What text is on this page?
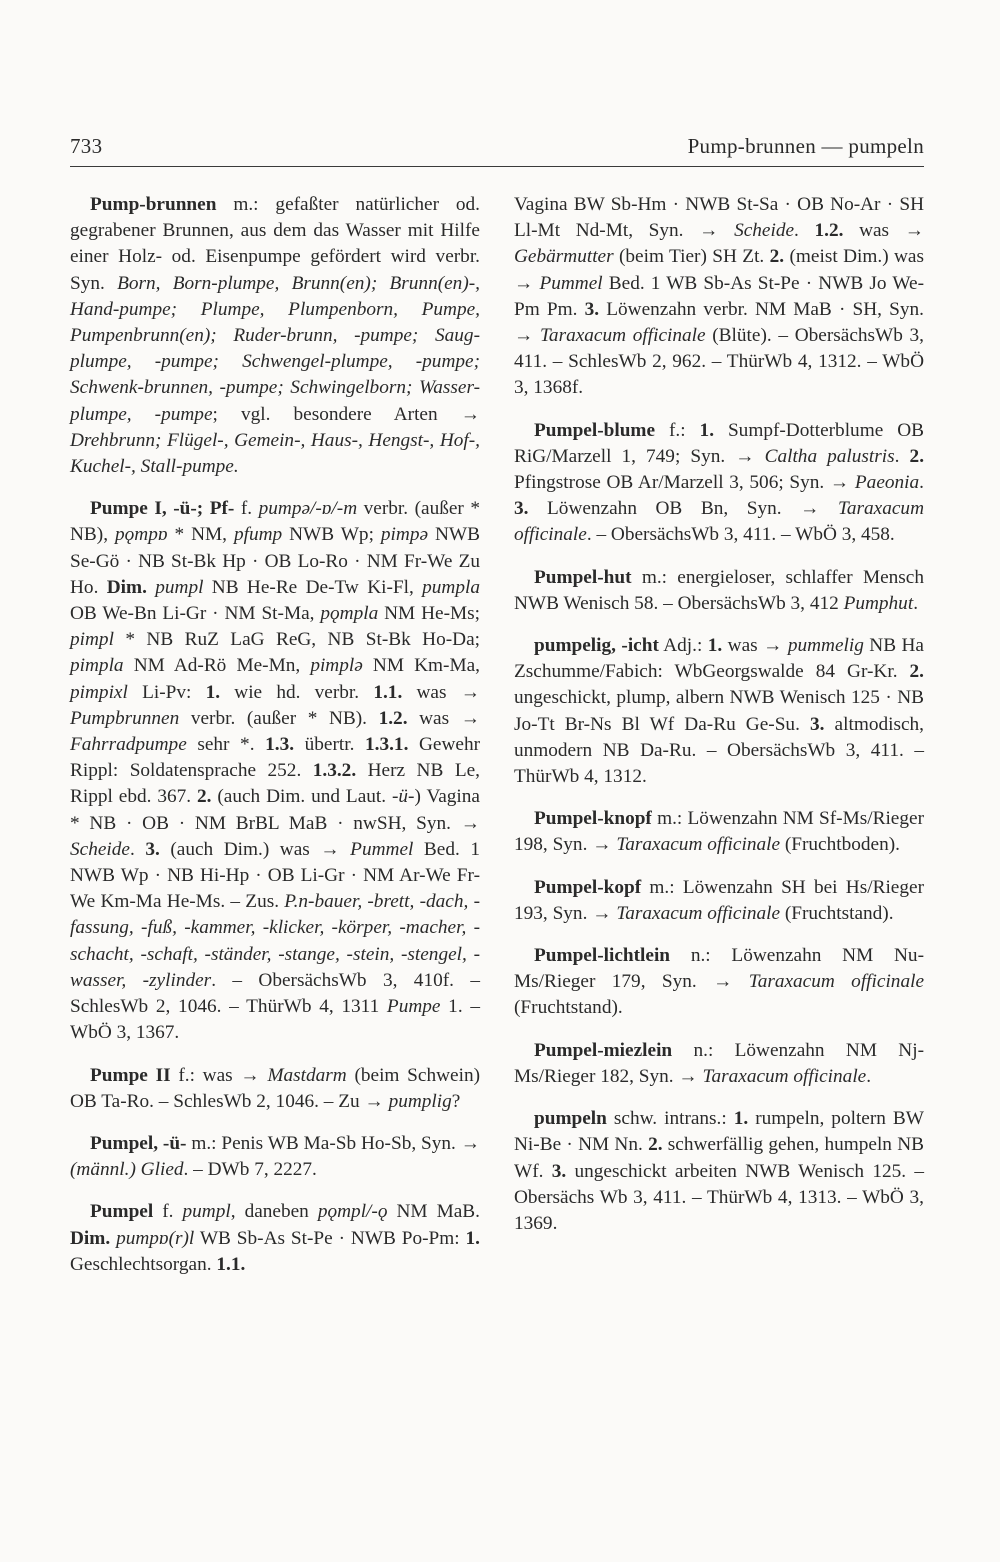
733	Pump-brunnen — pumpeln

Pump-brunnen m.: gefaßter natürlicher od. gegrabener Brunnen, aus dem das Wasser mit Hilfe einer Holz- od. Eisenpumpe gefördert wird verbr. Syn. Born, Born-plumpe, Brunn(en); Brunn(en)-, Hand-pumpe; Plumpe, Plumpenborn, Pumpe, Pumpenbrunn(en); Ruder-brunn, -pumpe; Saug-plumpe, -pumpe; Schwengel-plumpe, -pumpe; Schwenk-brunnen, -pumpe; Schwingelborn; Wasser-plumpe, -pumpe; vgl. besondere Arten → Drehbrunn; Flügel-, Gemein-, Haus-, Hengst-, Hof-, Kuchel-, Stall-pumpe.

Pumpe I, -ü-; Pf- f. pumpə/-ɒ/-m verbr. (außer * NB), pǫmpɒ * NM, pfump NWB Wp; pimpə NWB Se-Gö · NB St-Bk Hp · OB Lo-Ro · NM Fr-We Zu Ho. Dim. pumpl NB He-Re De-Tw Ki-Fl, pumpla OB We-Bn Li-Gr · NM St-Ma, pǫmpla NM He-Ms; pimpl * NB RuZ LaG ReG, NB St-Bk Ho-Da; pimpla NM Ad-Rö Me-Mn, pimplə NM Km-Ma, pimpixl Li-Pv: 1. wie hd. verbr. 1.1. was → Pumpbrunnen verbr. (außer * NB). 1.2. was → Fahrradpumpe sehr *. 1.3. übertr. 1.3.1. Gewehr Rippl: Soldatensprache 252. 1.3.2. Herz NB Le, Rippl ebd. 367. 2. (auch Dim. und Laut. -ü-) Vagina * NB · OB · NM BrBL MaB · nwSH, Syn. → Scheide. 3. (auch Dim.) was → Pummel Bed. 1 NWB Wp · NB Hi-Hp · OB Li-Gr · NM Ar-We Fr-We Km-Ma He-Ms. – Zus. P.n-bauer, -brett, -dach, -fassung, -fuß, -kammer, -klicker, -körper, -macher, -schacht, -schaft, -ständer, -stange, -stein, -stengel, -wasser, -zylinder. – ObersächsWb 3, 410f. – SchlesWb 2, 1046. – ThürWb 4, 1311 Pumpe 1. – WbÖ 3, 1367.

Pumpe II f.: was → Mastdarm (beim Schwein) OB Ta-Ro. – SchlesWb 2, 1046. – Zu → pumplig?

Pumpel, -ü- m.: Penis WB Ma-Sb Ho-Sb, Syn. → (männl.) Glied. – DWb 7, 2227.

Pumpel f. pumpl, daneben pǫmpl/-ǫ NM MaB. Dim. pumpɒ(r)l WB Sb-As St-Pe · NWB Po-Pm: 1. Geschlechtsorgan. 1.1.

Vagina BW Sb-Hm · NWB St-Sa · OB No-Ar · SH Ll-Mt Nd-Mt, Syn. → Scheide. 1.2. was → Gebärmutter (beim Tier) SH Zt. 2. (meist Dim.) was → Pummel Bed. 1 WB Sb-As St-Pe · NWB Jo We-Pm Pm. 3. Löwenzahn verbr. NM MaB · SH, Syn. → Taraxacum officinale (Blüte). – ObersächsWb 3, 411. – SchlesWb 2, 962. – ThürWb 4, 1312. – WbÖ 3, 1368f.

Pumpel-blume f.: 1. Sumpf-Dotterblume OB RiG/Marzell 1, 749; Syn. → Caltha palustris. 2. Pfingstrose OB Ar/Marzell 3, 506; Syn. → Paeonia. 3. Löwenzahn OB Bn, Syn. → Taraxacum officinale. – ObersächsWb 3, 411. – WbÖ 3, 458.

Pumpel-hut m.: energieloser, schlaffer Mensch NWB Wenisch 58. – ObersächsWb 3, 412 Pumphut.

pumpelig, -icht Adj.: 1. was → pummelig NB Ha Zschumme/Fabich: WbGeorgswalde 84 Gr-Kr. 2. ungeschickt, plump, albern NWB Wenisch 125 · NB Jo-Tt Br-Ns Bl Wf Da-Ru Ge-Su. 3. altmodisch, unmodern NB Da-Ru. – ObersächsWb 3, 411. – ThürWb 4, 1312.

Pumpel-knopf m.: Löwenzahn NM Sf-Ms/Rieger 198, Syn. → Taraxacum officinale (Fruchtboden).

Pumpel-kopf m.: Löwenzahn SH bei Hs/Rieger 193, Syn. → Taraxacum officinale (Fruchtstand).

Pumpel-lichtlein n.: Löwenzahn NM Nu-Ms/Rieger 179, Syn. → Taraxacum officinale (Fruchtstand).

Pumpel-miezlein n.: Löwenzahn NM Nj-Ms/Rieger 182, Syn. → Taraxacum officinale.

pumpeln schw. intrans.: 1. rumpeln, poltern BW Ni-Be · NM Nn. 2. schwerfällig gehen, humpeln NB Wf. 3. ungeschickt arbeiten NWB Wenisch 125. – Obersächs Wb 3, 411. – ThürWb 4, 1313. – WbÖ 3, 1369.
